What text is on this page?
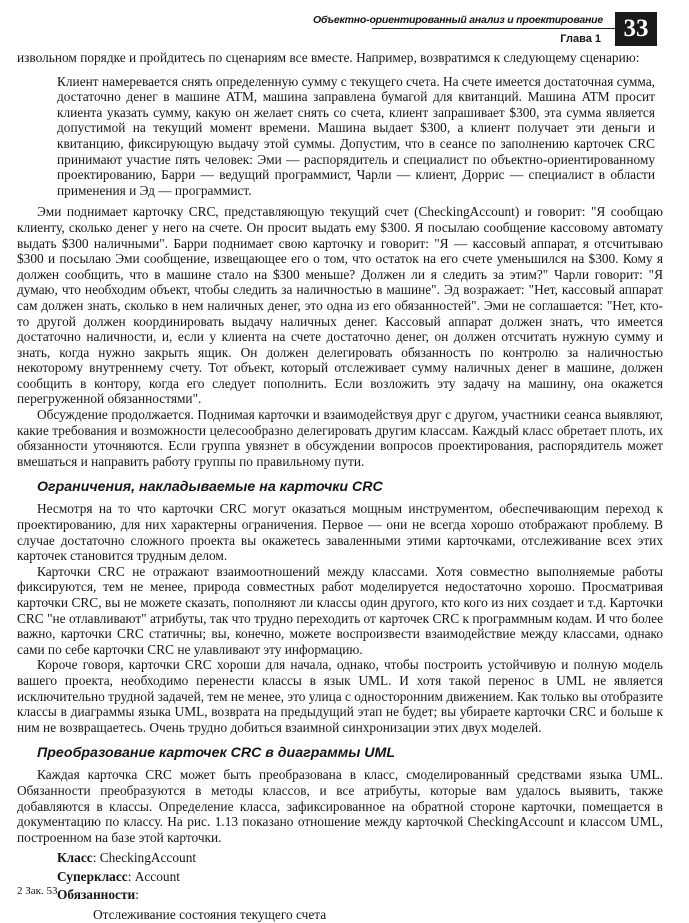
Объектно-ориентированный анализ и проектирование
Глава 1 33

извольном порядке и пройдитесь по сценариям все вместе. Например, возвратимся к следующему сценарию:

Клиент намеревается снять определенную сумму с текущего счета. На счете имеется достаточная сумма, достаточно денег в машине ATM, машина заправлена бумагой для квитанций. Машина ATM просит клиента указать сумму, какую он желает снять со счета, клиент запрашивает $300, эта сумма является допустимой на текущий момент времени. Машина выдает $300, а клиент получает эти деньги и квитанцию, фиксирующую выдачу этой суммы. Допустим, что в сеансе по заполнению карточек CRC принимают участие пять человек: Эми — распорядитель и специалист по объектно-ориентированному проектированию, Барри — ведущий программист, Чарли — клиент, Доррис — специалист в области применения и Эд — программист.

Эми поднимает карточку CRC, представляющую текущий счет (CheckingAccount) и говорит: "Я сообщаю клиенту, сколько денег у него на счете. Он просит выдать ему $300. Я посылаю сообщение кассовому автомату выдать $300 наличными". Барри поднимает свою карточку и говорит: "Я — кассовый аппарат, я отсчитываю $300 и посылаю Эми сообщение, извещающее его о том, что остаток на его счете уменьшился на $300. Кому я должен сообщить, что в машине стало на $300 меньше? Должен ли я следить за этим?" Чарли говорит: "Я думаю, что необходим объект, чтобы следить за наличностью в машине". Эд возражает: "Нет, кассовый аппарат сам должен знать, сколько в нем наличных денег, это одна из его обязанностей". Эми не соглашается: "Нет, кто-то другой должен координировать выдачу наличных денег. Кассовый аппарат должен знать, что имеется достаточно наличности, и, если у клиента на счете достаточно денег, он должен отсчитать нужную сумму и знать, когда нужно закрыть ящик. Он должен делегировать обязанность по контролю за наличностью некоторому внутреннему счету. Тот объект, который отслеживает сумму наличных денег в машине, должен сообщить в контору, когда его следует пополнить. Если возложить эту задачу на машину, она окажется перегруженной обязанностями".

Обсуждение продолжается. Поднимая карточки и взаимодействуя друг с другом, участники сеанса выявляют, какие требования и возможности целесообразно делегировать другим классам. Каждый класс обретает плоть, их обязанности уточняются. Если группа увязнет в обсуждении вопросов проектирования, распорядитель может вмешаться и направить работу группы по правильному пути.

Ограничения, накладываемые на карточки CRC

Несмотря на то что карточки CRC могут оказаться мощным инструментом, обеспечивающим переход к проектированию, для них характерны ограничения. Первое — они не всегда хорошо отображают проблему. В случае достаточно сложного проекта вы окажетесь заваленными этими карточками, отслеживание всех этих карточек становится трудным делом.

Карточки CRC не отражают взаимоотношений между классами. Хотя совместно выполняемые работы фиксируются, тем не менее, природа совместных работ моделируется недостаточно хорошо. Просматривая карточки CRC, вы не можете сказать, пополняют ли классы один другого, кто кого из них создает и т.д. Карточки CRC "не отлавливают" атрибуты, так что трудно переходить от карточек CRC к программным кодам. И что более важно, карточки CRC статичны; вы, конечно, можете воспроизвести взаимодействие между классами, однако сами по себе карточки CRC не улавливают эту информацию.

Короче говоря, карточки CRC хороши для начала, однако, чтобы построить устойчивую и полную модель вашего проекта, необходимо перенести классы в язык UML. И хотя такой перенос в UML не является исключительно трудной задачей, тем не менее, это улица с односторонним движением. Как только вы отобразите классы в диаграммы языка UML, возврата на предыдущий этап не будет; вы убираете карточки CRC и больше к ним не возвращаетесь. Очень трудно добиться взаимной синхронизации этих двух моделей.

Преобразование карточек CRC в диаграммы UML

Каждая карточка CRC может быть преобразована в класс, смоделированный средствами языка UML. Обязанности преобразуются в методы классов, и все атрибуты, которые вам удалось выявить, также добавляются в классы. Определение класса, зафиксированное на обратной стороне карточки, помещается в документацию по классу. На рис. 1.13 показано отношение между карточкой CheckingAccount и классом UML, построенном на базе этой карточки.

Класс: CheckingAccount
Суперкласс: Account
Обязанности:
Отслеживание состояния текущего счета
2 Зак. 53
